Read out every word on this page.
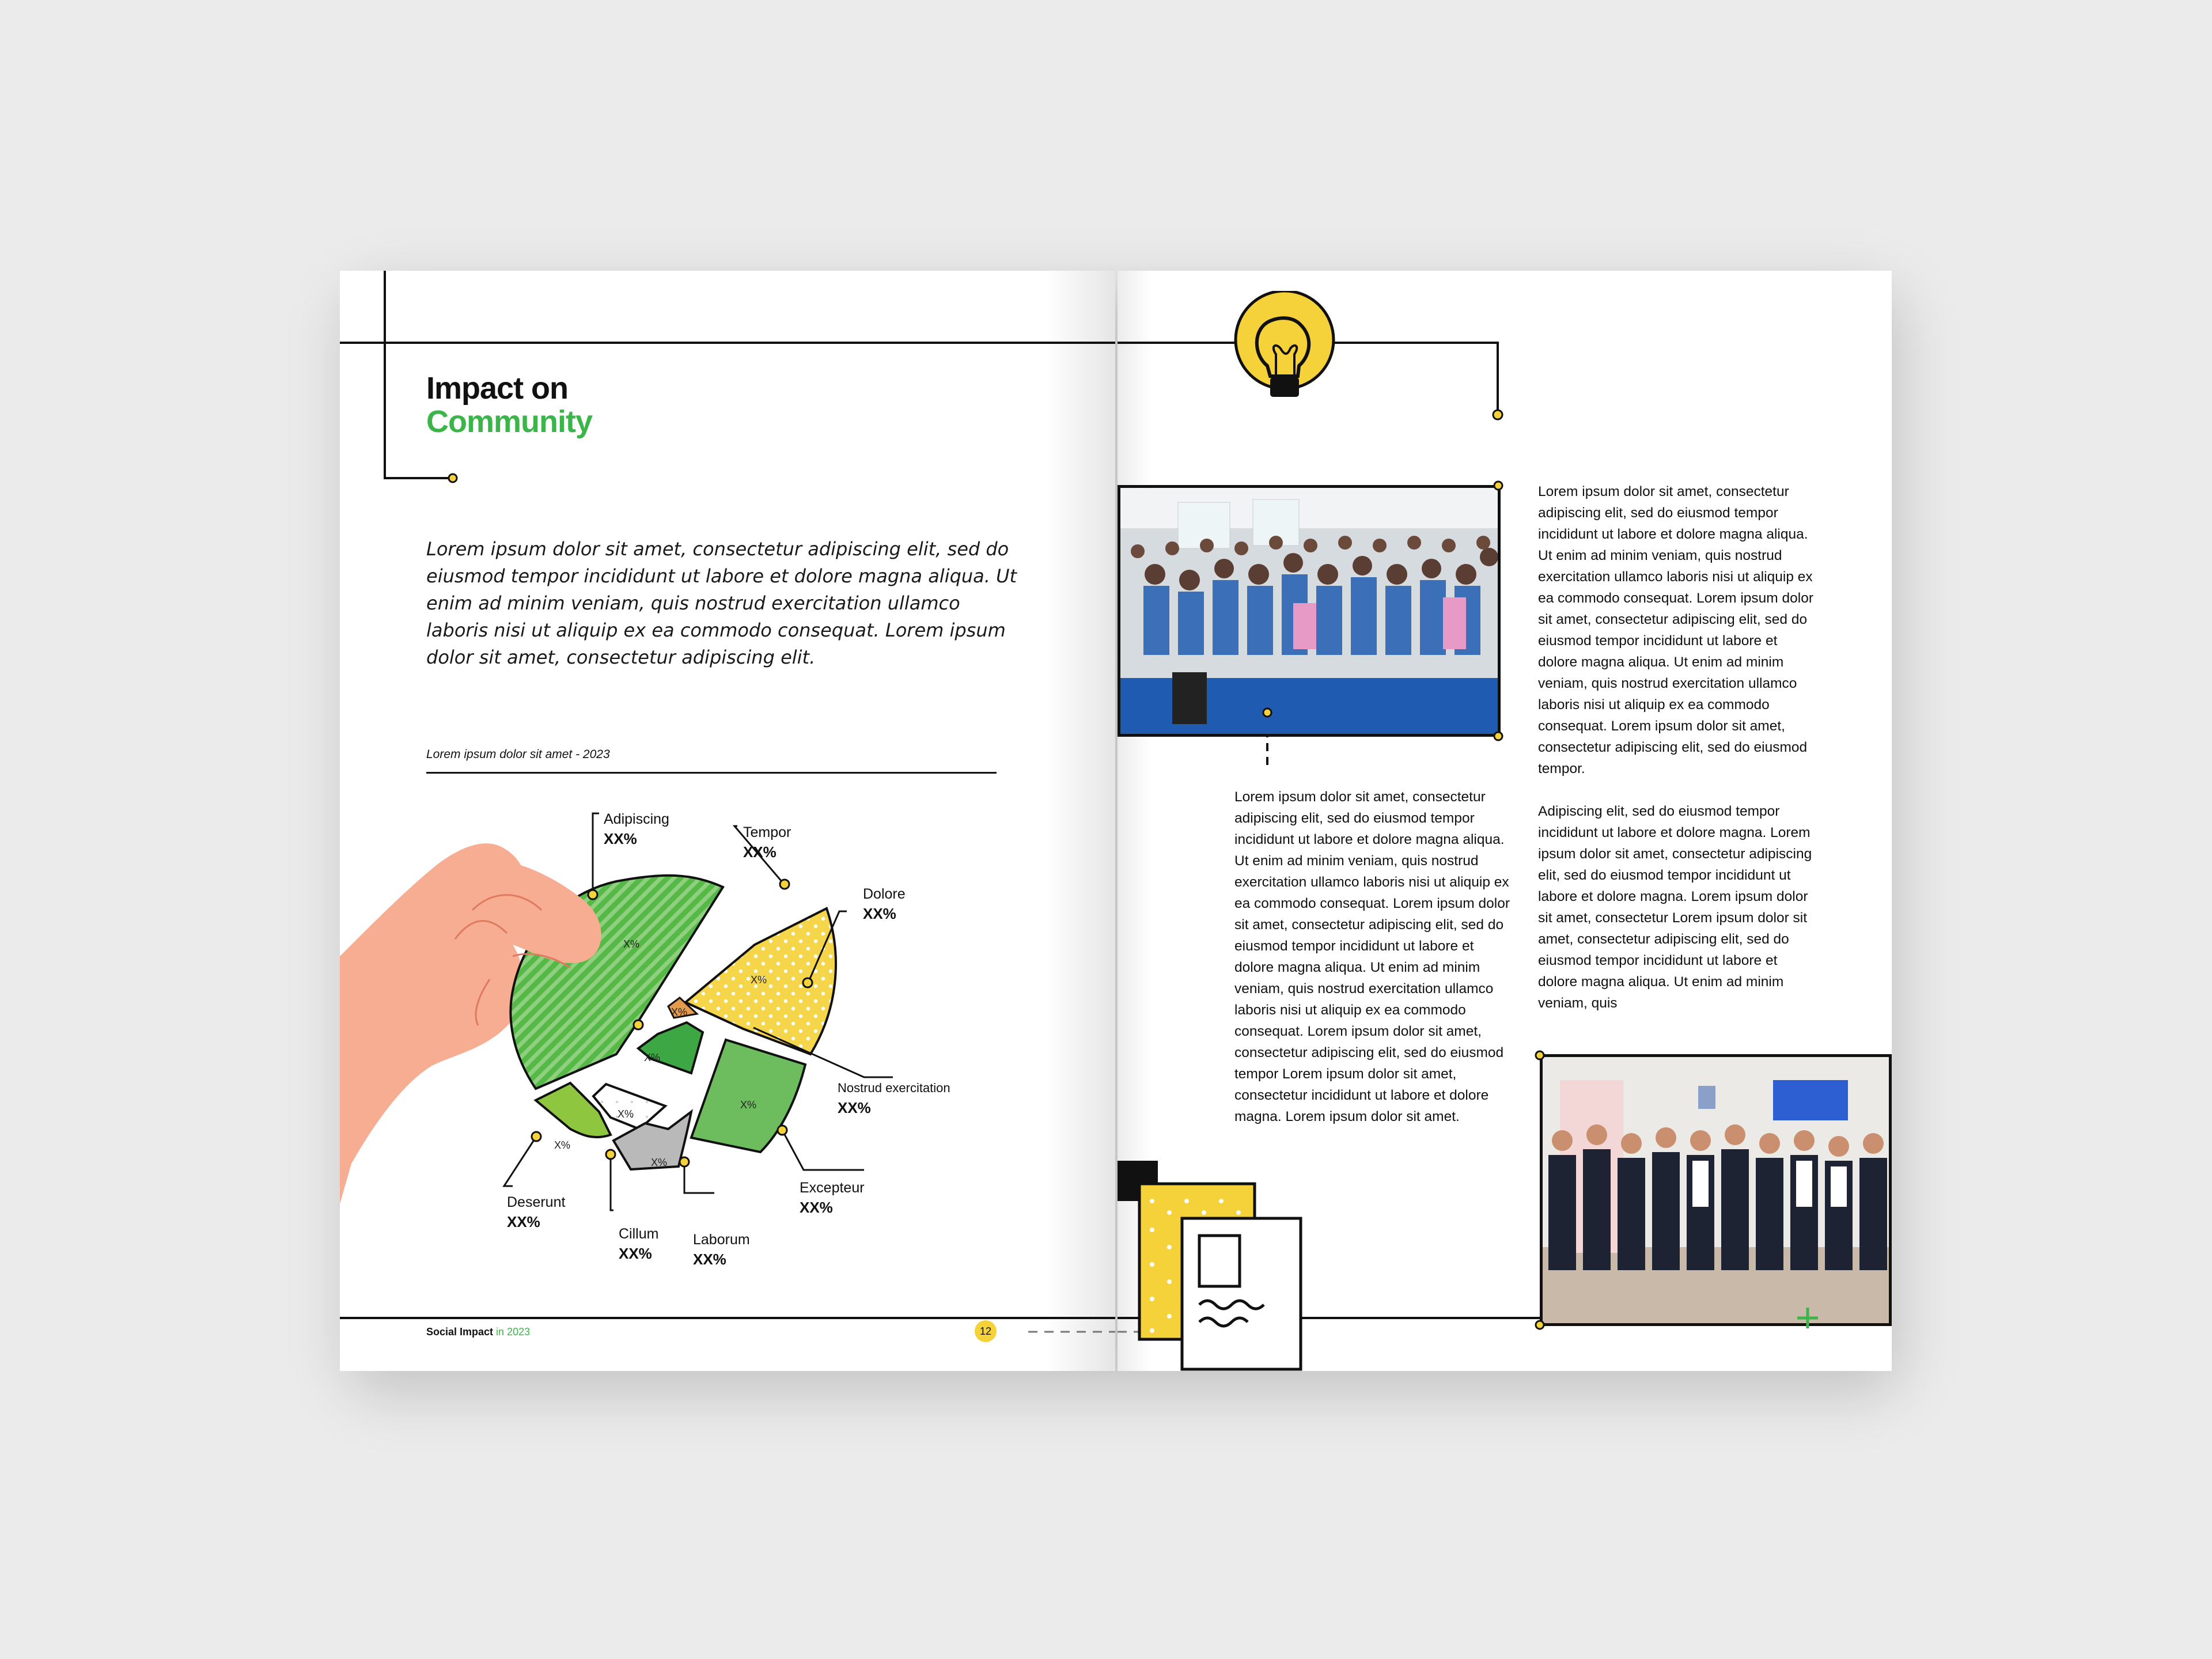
Impact on
Community
Lorem ipsum dolor sit amet, consectetur adipiscing elit, sed do eiusmod tempor incididunt ut labore et dolore magna aliqua. Ut enim ad minim veniam, quis nostrud exercitation ullamco laboris nisi ut aliquip ex ea commodo consequat. Lorem ipsum dolor sit amet, consectetur adipiscing elit.
Lorem ipsum dolor sit amet - 2023
X%
X%
X%
X%
X%
X%
X%
X%
Adipiscing
XX%	Tempor
XX%
Dolore
XX%
Nostrud exercitation
XX%
Excepteur
XX%
Laborum
XX%
Cillum
XX%
Deserunt
XX%
Social Impact in 2023	12
Lorem ipsum dolor sit amet, consectetur adipiscing elit, sed do eiusmod tempor incididunt ut labore et dolore magna aliqua. Ut enim ad minim veniam, quis nostrud exercitation ullamco laboris nisi ut aliquip ex ea commodo consequat. Lorem ipsum dolor sit amet, consectetur adipiscing elit, sed do eiusmod tempor incididunt ut labore et dolore magna aliqua. Ut enim ad minim veniam, quis nostrud exercitation ullamco laboris nisi ut aliquip ex ea commodo consequat. Lorem ipsum dolor sit amet, consectetur adipiscing elit, sed do eiusmod tempor Lorem ipsum dolor sit amet, consectetur incididunt ut labore et dolore magna. Lorem ipsum dolor sit amet.
Lorem ipsum dolor sit amet, consectetur adipiscing elit, sed do eiusmod tempor incididunt ut labore et dolore magna aliqua. Ut enim ad minim veniam, quis nostrud exercitation ullamco laboris nisi ut aliquip ex ea commodo consequat. Lorem ipsum dolor sit amet, consectetur adipiscing elit, sed do eiusmod tempor incididunt ut labore et dolore magna aliqua. Ut enim ad minim veniam, quis nostrud exercitation ullamco laboris nisi ut aliquip ex ea commodo consequat. Lorem ipsum dolor sit amet, consectetur adipiscing elit, sed do eiusmod tempor.
Adipiscing elit, sed do eiusmod tempor incididunt ut labore et dolore magna. Lorem ipsum dolor sit amet, consectetur adipiscing elit, sed do eiusmod tempor incididunt ut labore et dolore magna. Lorem ipsum dolor sit amet, consectetur Lorem ipsum dolor sit amet, consectetur adipiscing elit, sed do eiusmod tempor incididunt ut labore et dolore magna aliqua. Ut enim ad minim veniam, quis
